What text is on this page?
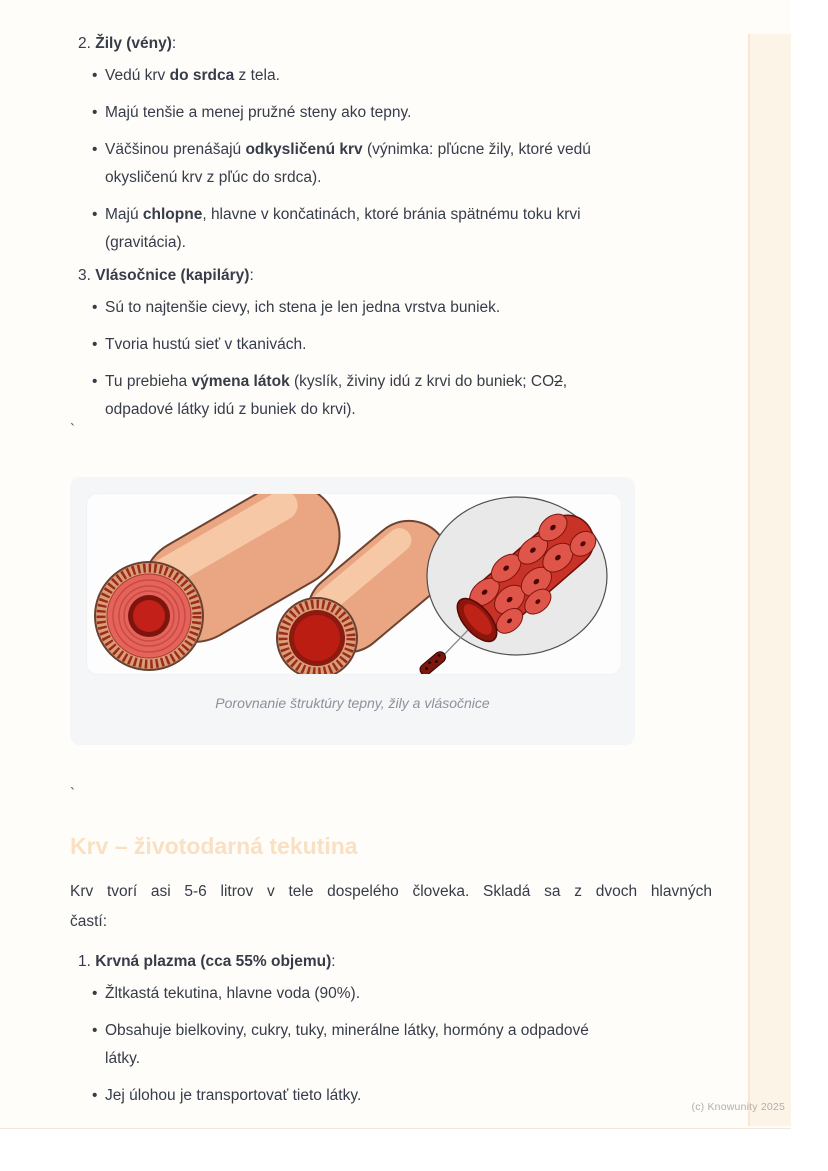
2. Žily (vény):
• Vedú krv do srdca z tela.
• Majú tenšie a menej pružné steny ako tepny.
• Väčšinou prenášajú odkysličenú krv (výnimka: pľúcne žily, ktoré vedú
okysličenú krv z pľúc do srdca).
• Majú chlopne, hlavne v končatinách, ktoré bránia spätnému toku krvi
(gravitácia).
3. Vlásočnice (kapiláry):
• Sú to najtenšie cievy, ich stena je len jedna vrstva buniek.
• Tvoria hustú sieť v tkanivách.
• Tu prebieha výmena látok (kyslík, živiny idú z krvi do buniek; CO2,
odpadové látky idú z buniek do krvi).
`
Porovnanie štruktúry tepny, žily a vlásočnice
`
Krv – životodarná tekutina
Krv tvorí asi 5-6 litrov v tele dospelého človeka. Skladá sa z dvoch hlavných
častí:
1. Krvná plazma (cca 55% objemu):
• Žltkastá tekutina, hlavne voda (90%).
• Obsahuje bielkoviny, cukry, tuky, minerálne látky, hormóny a odpadové
látky.
• Jej úlohou je transportovať tieto látky.
(c) Knowunity 2025
